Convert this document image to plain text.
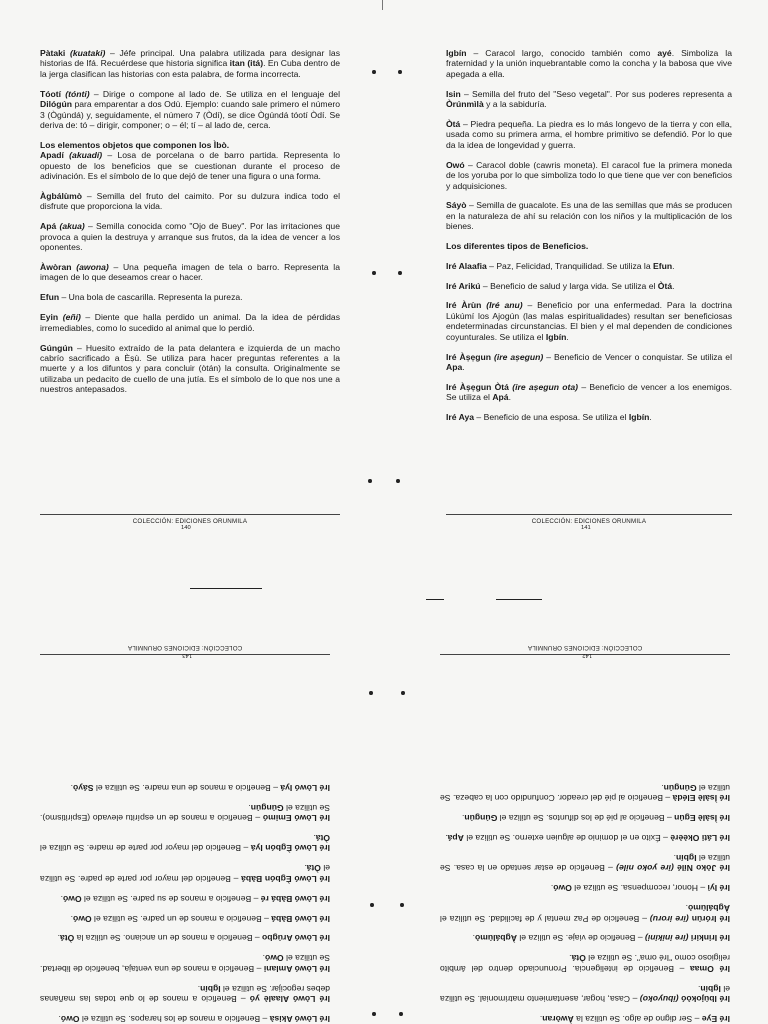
Pàtaki (kuataki) – Jéfe principal. Una palabra utilizada para designar las historias de Ifá. Recuérdese que historia significa itan (itá). En Cuba dentro de la jerga clasifican las historias con esta palabra, de forma incorrecta.

Tóotí (tónti) – Dirige o compone al lado de. Se utiliza en el lenguaje del Dilógún para emparentar a dos Odù. Ejemplo: cuando sale primero el número 3 (Ògúndá) y, seguidamente, el número 7 (Òdí), se dice Ògúndá tóotí Òdí. Se deriva de: tó – dirigir, componer; o – él; tí – al lado de, cerca.

Los elementos objetos que componen los Ìbò.

Apadí (akuadí) – Losa de porcelana o de barro partida. Representa lo opuesto de los beneficios que se cuestionan durante el proceso de adivinación. Es el símbolo de lo que dejó de tener una figura o una forma.

Àgbálùmò – Semilla del fruto del caimito. Por su dulzura indica todo el disfrute que proporciona la vida.

Apá (akua) – Semilla conocida como "Ojo de Buey". Por las irritaciones que provoca a quien la destruya y arranque sus frutos, da la idea de vencer a los oponentes.

Àwòran (awona) – Una pequeña imagen de tela o barro. Representa la imagen de lo que deseamos crear o hacer.

Efun – Una bola de cascarilla. Representa la pureza.

Eyin (eñí) – Diente que halla perdido un animal. Da la idea de pérdidas irremediables, como lo sucedido al animal que lo perdió.

Gúngún – Huesito extraído de la pata delantera e izquierda de un macho cabrío sacrificado a Èṣù. Se utiliza para hacer preguntas referentes a la muerte y a los difuntos y para concluir (òtán) la consulta. Originalmente se utilizaba un pedacito de cuello de una jutía. Es el símbolo de lo que nos une a nuestros antepasados.

COLECCIÓN: EDICIONES ORUNMILA
140

Igbín – Caracol largo, conocido también como ayé. Simboliza la fraternidad y la unión inquebrantable como la concha y la babosa que vive apegada a ella.

Isin – Semilla del fruto del "Seso vegetal". Por sus poderes representa a Òrúnmìlà y a la sabiduría.

Òtá – Piedra pequeña. La piedra es lo más longevo de la tierra y con ella, usada como su primera arma, el hombre primitivo se defendió. Por lo que da la idea de longevidad y guerra.

Owó – Caracol doble (cawris moneta). El caracol fue la primera moneda de los yoruba por lo que simboliza todo lo que tiene que ver con beneficios y adquisiciones.

Sáyò – Semilla de guacalote. Es una de las semillas que más se producen en la naturaleza de ahí su relación con los niños y la multiplicación de los bienes.

Los diferentes tipos de Beneficios.

Iré Alaafia – Paz, Felicidad, Tranquilidad. Se utiliza la Efun.

Iré Arikú – Beneficio de salud y larga vida. Se utiliza el Òtá.

Iré Àrùn (Iré anu) – Beneficio por una enfermedad. Para la doctrina Lúkúmí los Ajogún (las malas espiritualidades) resultan ser beneficiosas endeterminadas circunstancias. El bien y el mal dependen de condiciones coyunturales. Se utiliza el Igbín.

Iré Àṣẹgun (ire aṣegun) – Beneficio de Vencer o conquistar. Se utiliza el Apa.

Iré Àṣẹgun Òtá (ire aṣegun ota) – Beneficio de vencer a los enemigos. Se utiliza el Apá.

Iré Aya – Beneficio de una esposa. Se utiliza el Igbín.

COLECCIÓN: EDICIONES ORUNMILA
141
COLECCIÓN: EDICIONES ORUNMILA
143

Iré Lòwó Akisà – Beneficio a manos de los harapos. Se utiliza el Owó.

Iré Lòwó Alaalè yó – Beneficio a manos de lo que todas las mañanas debes regocijar. Se utiliza el Igbín.

Iré Lòwó Amlani – Beneficio a manos de una ventaja, beneficio de libertad. Se utiliza el Owó.

Iré Lòwó Arúgbo – Beneficio a manos de un anciano. Se utiliza la Òtá.

Iré Lòwó Bàbá – Beneficio a manos de un padre. Se utiliza el Owó.

Iré Lòwó Bàbá ré – Beneficio a manos de su padre. Se utiliza el Owó.

Iré Lòwó Ègbón Bàbá – Beneficio del mayor por parte de padre. Se utiliza el Òtá.

Iré Lòwó Ègbón Iyá – Beneficio del mayor por parte de madre. Se utiliza el Òtá.

Iré Lòwó Emimó – Beneficio a manos de un espíritu elevado (Espiritismo). Se utiliza el Gúngún.

Iré Lòwó Iyá – Beneficio a manos de una madre. Se utiliza el Sáyò.

COLECCIÓN: EDICIONES ORUNMILA
142

Iré Eye – Ser digno de algo. Se utiliza la Àwòran.

Iré Ibùjokòó (ibuyoko) – Casa, hogar, asentamiento matrimonial. Se utiliza el Igbín.

Iré Omaa – Beneficio de inteligencia. Pronunciado dentro del ámbito religioso como "Iré oma". Se utiliza el Òtá.

Iré Irinkiri (ire inikini) – Beneficio de viaje. Se utiliza el Àgbálùmò.

Iré Irórùn (ire iroru) – Beneficio de Paz mental y de facilidad. Se utiliza el Àgbálùmò.

Iré Iyì – Honor, recompensa. Se utiliza el Owó.

Iré Jòko Nílé (ire yoko nile) – Beneficio de estar sentado en la casa. Se utiliza el Igbín.

Iré Láti Okèèrè – Éxito en el dominio de alguien externo. Se utiliza el Apá.

Iré Ìsàlè Egún – Beneficio al pié de los difuntos. Se utiliza el Gúngún.

Iré Ìsàlè Elédà – Beneficio al pié del creador. Confundido con la cabeza. Se utiliza el Gúngún.
